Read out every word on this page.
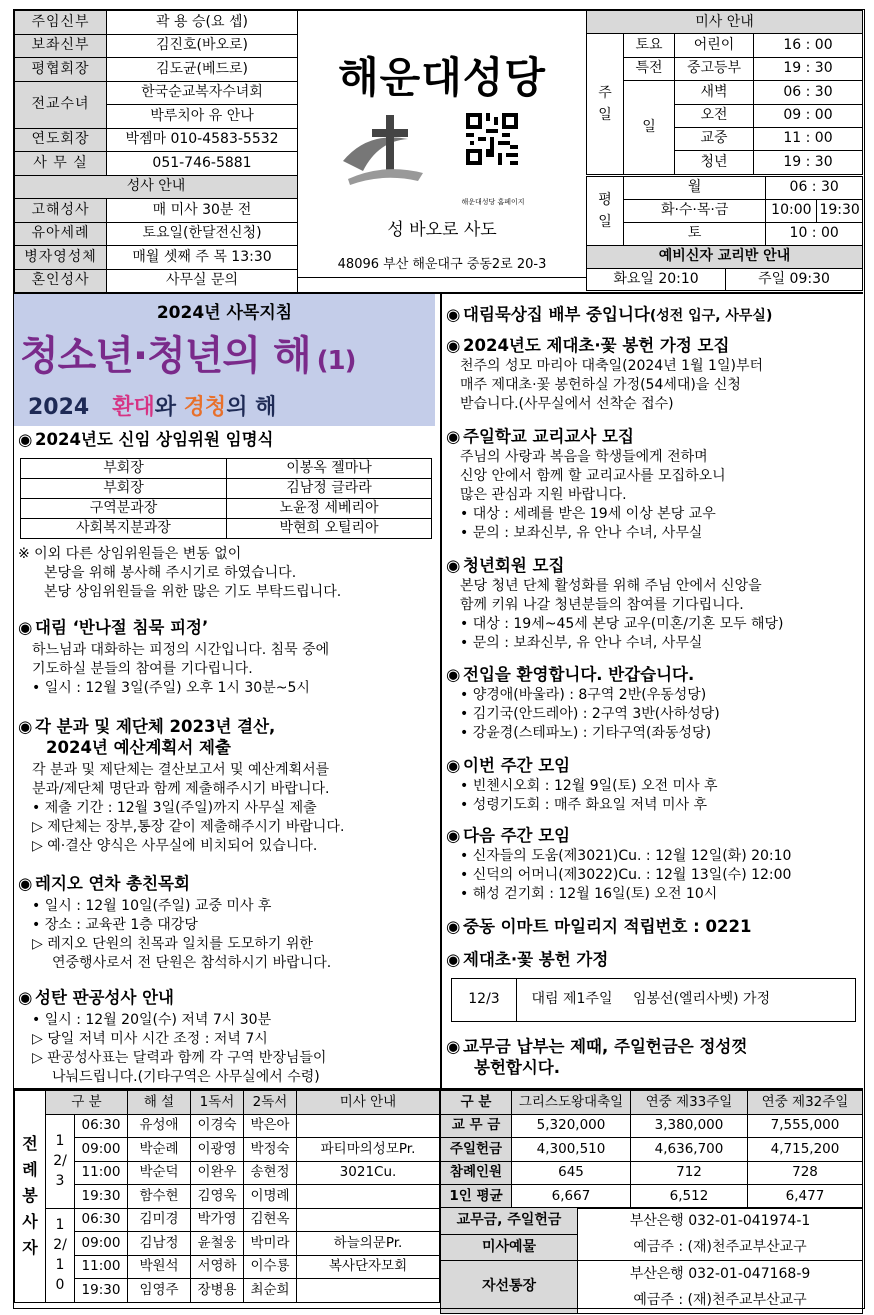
주임신부	곽 용 승(요 셉)
보좌신부	김진호(바오로)
평협회장	김도균(베드로)
전교수녀	한국순교복자수녀회
	박루치아 유 안나
연도회장	박젬마 010-4583-5532
사 무 실	051-746-5881
성사 안내	
고해성사	매 미사 30분 전
유아세례	토요일(한달전신청)
병자영성체	매월 셋째 주 목 13:30
혼인성사	사무실 문의
해운대성당
해운대성당 홈페이지
성 바오로 사도
48096 부산 해운대구 중동2로 20-3
미사 안내			

주일	토요	어린이	16 : 00
	특전	중고등부	19 : 30
	일	새벽	06 : 30
		오전	09 : 00
		교중	11 : 00
		청년	19 : 30
평일	월	06 : 30	
	화·수·목·금	10:00	19:30
	토	10 : 00	
예비신자 교리반 안내			
화요일 20:10	주일 09:30
2024년 사목지침
청소년·청년의 해 (1)
2024 환대와 경청의 해
◉ 2024년도 신임 상임위원 임명식
부회장	이봉옥 젤마나
부회장	김남정 글라라
구역분과장	노윤정 세베리아
사회복지분과장	박현희 오틸리아
※ 이외 다른 상임위원들은 변동 없이
본당을 위해 봉사해 주시기로 하였습니다.
본당 상임위원들을 위한 많은 기도 부탁드립니다.
◉ 대림 ‘반나절 침묵 피정’
하느님과 대화하는 피정의 시간입니다. 침묵 중에
기도하실 분들의 참여를 기다립니다.
• 일시 : 12월 3일(주일) 오후 1시 30분~5시
◉ 각 분과 및 제단체 2023년 결산,
2024년 예산계획서 제출
각 분과 및 제단체는 결산보고서 및 예산계획서를
분과/제단체 명단과 함께 제출해주시기 바랍니다.
• 제출 기간 : 12월 3일(주일)까지 사무실 제출
▷ 제단체는 장부,통장 같이 제출해주시기 바랍니다.
▷ 예·결산 양식은 사무실에 비치되어 있습니다.
◉ 레지오 연차 총친목회
• 일시 : 12월 10일(주일) 교중 미사 후
• 장소 : 교육관 1층 대강당
▷ 레지오 단원의 친목과 일치를 도모하기 위한
연중행사로서 전 단원은 참석하시기 바랍니다.
◉ 성탄 판공성사 안내
• 일시 : 12월 20일(수) 저녁 7시 30분
▷ 당일 저녁 미사 시간 조정 : 저녁 7시
▷ 판공성사표는 달력과 함께 각 구역 반장님들이
나눠드립니다.(기타구역은 사무실에서 수령)
◉ 대림묵상집 배부 중입니다(성전 입구, 사무실)
◉ 2024년도 제대초·꽃 봉헌 가정 모집
천주의 성모 마리아 대축일(2024년 1월 1일)부터
매주 제대초·꽃 봉헌하실 가정(54세대)을 신청
받습니다.(사무실에서 선착순 접수)
◉ 주일학교 교리교사 모집
주님의 사랑과 복음을 학생들에게 전하며
신앙 안에서 함께 할 교리교사를 모집하오니
많은 관심과 지원 바랍니다.
• 대상 : 세례를 받은 19세 이상 본당 교우
• 문의 : 보좌신부, 유 안나 수녀, 사무실
◉ 청년회원 모집
본당 청년 단체 활성화를 위해 주님 안에서 신앙을
함께 키워 나갈 청년분들의 참여를 기다립니다.
• 대상 : 19세~45세 본당 교우(미혼/기혼 모두 해당)
• 문의 : 보좌신부, 유 안나 수녀, 사무실
◉ 전입을 환영합니다. 반갑습니다.
• 양경애(바울라) : 8구역 2반(우동성당)
• 김기국(안드레아) : 2구역 3반(사하성당)
• 강윤경(스테파노) : 기타구역(좌동성당)
◉ 이번 주간 모임
• 빈첸시오회 : 12월 9일(토) 오전 미사 후
• 성령기도회 : 매주 화요일 저녁 미사 후
◉ 다음 주간 모임
• 신자들의 도움(제3021)Cu. : 12월 12일(화) 20:10
• 신덕의 어머니(제3022)Cu. : 12월 13일(수) 12:00
• 해성 걷기회 : 12월 16일(토) 오전 10시
◉ 중동 이마트 마일리지 적립번호 : 0221
◉ 제대초·꽃 봉헌 가정
12/3	대림 제1주일	임봉선(엘리사벳) 가정
◉ 교무금 납부는 제때, 주일헌금은 정성껏
봉헌합시다.
전례봉사자	구 분		해 설	1독서	2독서	미사 안내

	12/3	06:30	유성애	이경숙	박은아	
		09:00	박순례	이광영	박정숙	파티마의성모Pr.
		11:00	박순덕	이완우	송현정	3021Cu.
		19:30	함수현	김영욱	이명례	

	12/10	06:30	김미경	박가영	김현옥	
		09:00	김남정	윤철웅	박미라	하늘의문Pr.
		11:00	박원석	서영하	이수룡	복사단자모회
		19:30	임영주	장병용	최순희	
구 분	그리스도왕대축일	연중 제33주일	연중 제32주일
교 무 금	5,320,000	3,380,000	7,555,000
주일헌금	4,300,510	4,636,700	4,715,200
참례인원	645	712	728
1인 평균	6,667	6,512	6,477
교무금, 주일헌금	부산은행 032-01-041974-1
예금주 : (재)천주교부산교구

미사예물	
자선통장	부산은행 032-01-047168-9
예금주 : (재)천주교부산교구
